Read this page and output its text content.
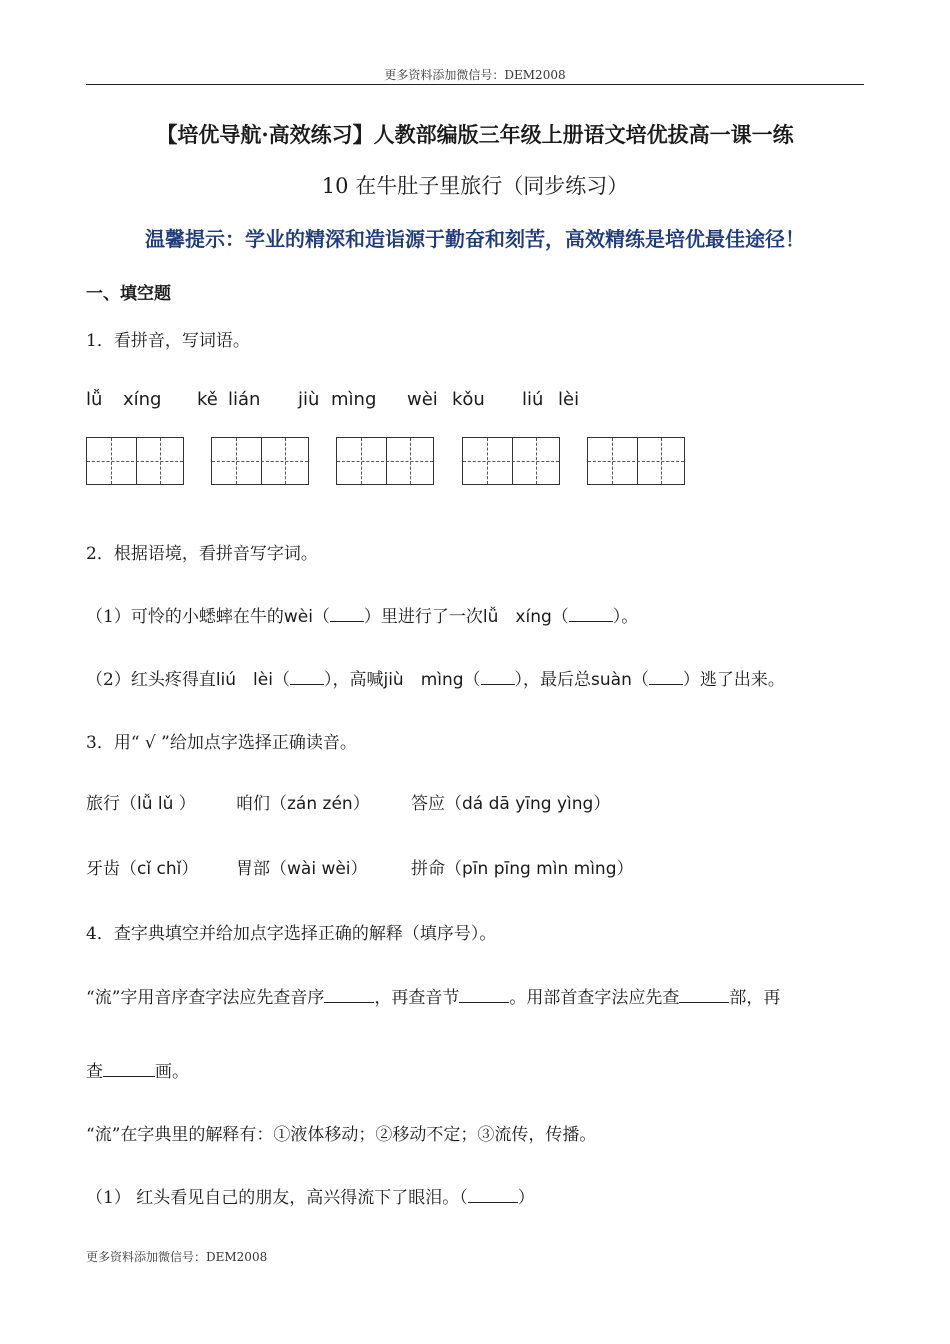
更多资料添加微信号：DEM2008
【培优导航·高效练习】人教部编版三年级上册语文培优拔高一课一练
10 在牛肚子里旅行（同步练习）
温馨提示：学业的精深和造诣源于勤奋和刻苦，高效精练是培优最佳途径！
一、填空题
1．看拼音，写词语。
lǚ xíng kě lián jiù mìng wèi kǒu liú lèi
2．根据语境，看拼音写字词。
（1）可怜的小蟋蟀在牛的wèi（ ）里进行了一次lǚ　xíng（	）。
（2）红头疼得直liú　lèi（ ），高喊jiù　mìng（ ），最后总suàn（ ）逃了出来。
3．用“ √ ”给加点字选择正确读音。
旅行（lǚ lǔ ） 咱们（zán zén） 答应（dá dā yīng yìng）
牙齿（cǐ chǐ） 胃部（wài wèi）	拼命（pīn pīng mìn mìng）
4．查字典填空并给加点字选择正确的解释（填序号）。
“流”字用音序查字法应先查音序	，再查音节	。用部首查字法应先查	部，再
查	画。
“流”在字典里的解释有：①液体移动；②移动不定；③流传，传播。
（1） 红头看见自己的朋友，高兴得流下了眼泪。（	）
更多资料添加微信号：DEM2008
